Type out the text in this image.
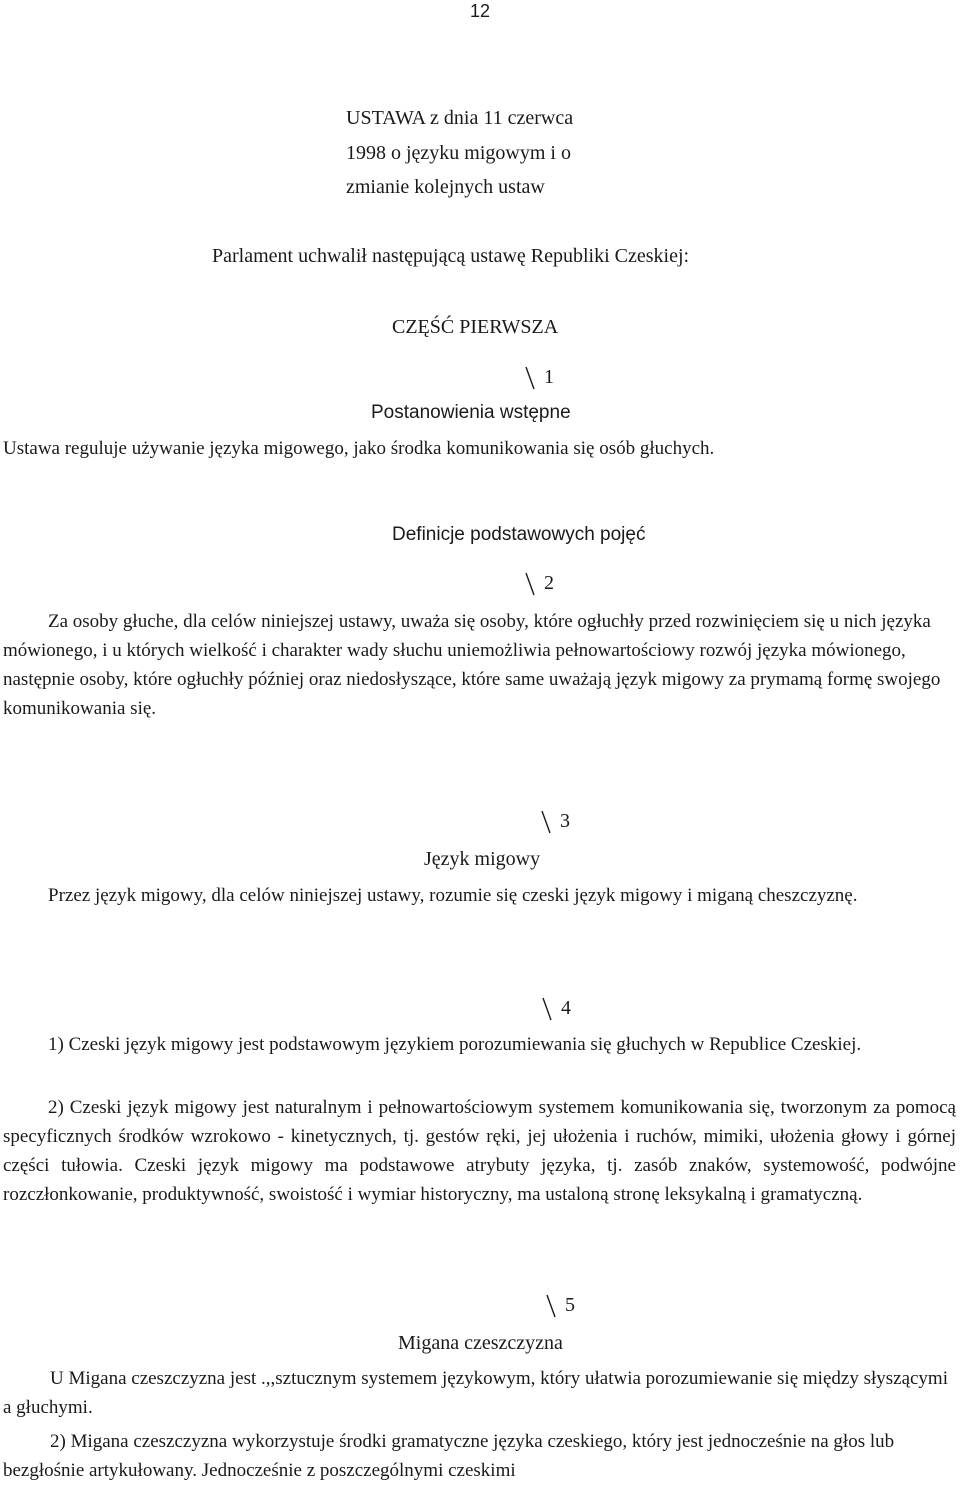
12
USTAWA z dnia 11 czerwca
1998 o języku migowym i o
zmianie kolejnych ustaw
Parlament uchwalił następującą ustawę Republiki Czeskiej:
CZĘŚĆ PIERWSZA
1
Postanowienia wstępne
Ustawa reguluje używanie języka migowego, jako środka komunikowania się osób głuchych.
Definicje podstawowych pojęć
2
Za osoby głuche, dla celów niniejszej ustawy, uważa się osoby, które ogłuchły przed rozwinięciem się u nich języka mówionego, i u których wielkość i charakter wady słuchu uniemożliwia pełnowartościowy rozwój języka mówionego, następnie osoby, które ogłuchły później oraz niedosłyszące, które same uważają język migowy za prymamą formę swojego komunikowania się.
3
Język migowy
Przez język migowy, dla celów niniejszej ustawy, rozumie się czeski język migowy i miganą cheszczyznę.
4
1) Czeski język migowy jest podstawowym językiem porozumiewania się głuchych w Republice Czeskiej.
2) Czeski język migowy jest naturalnym i pełnowartościowym systemem komunikowania się, tworzonym za pomocą specyficznych środków wzrokowo - kinetycznych, tj. gestów ręki, jej ułożenia i ruchów, mimiki, ułożenia głowy i górnej części tułowia. Czeski język migowy ma podstawowe atrybuty języka, tj. zasób znaków, systemowość, podwójne rozczłonkowanie, produktywność, swoistość i wymiar historyczny, ma ustaloną stronę leksykalną i gramatyczną.
5
Migana czeszczyzna
U Migana czeszczyzna jest .,,sztucznym systemem językowym, który ułatwia porozumiewanie się między słyszącymi a głuchymi.
2) Migana czeszczyzna wykorzystuje środki gramatyczne języka czeskiego, który jest jednocześnie na głos lub bezgłośnie artykułowany. Jednocześnie z poszczególnymi czeskimi
